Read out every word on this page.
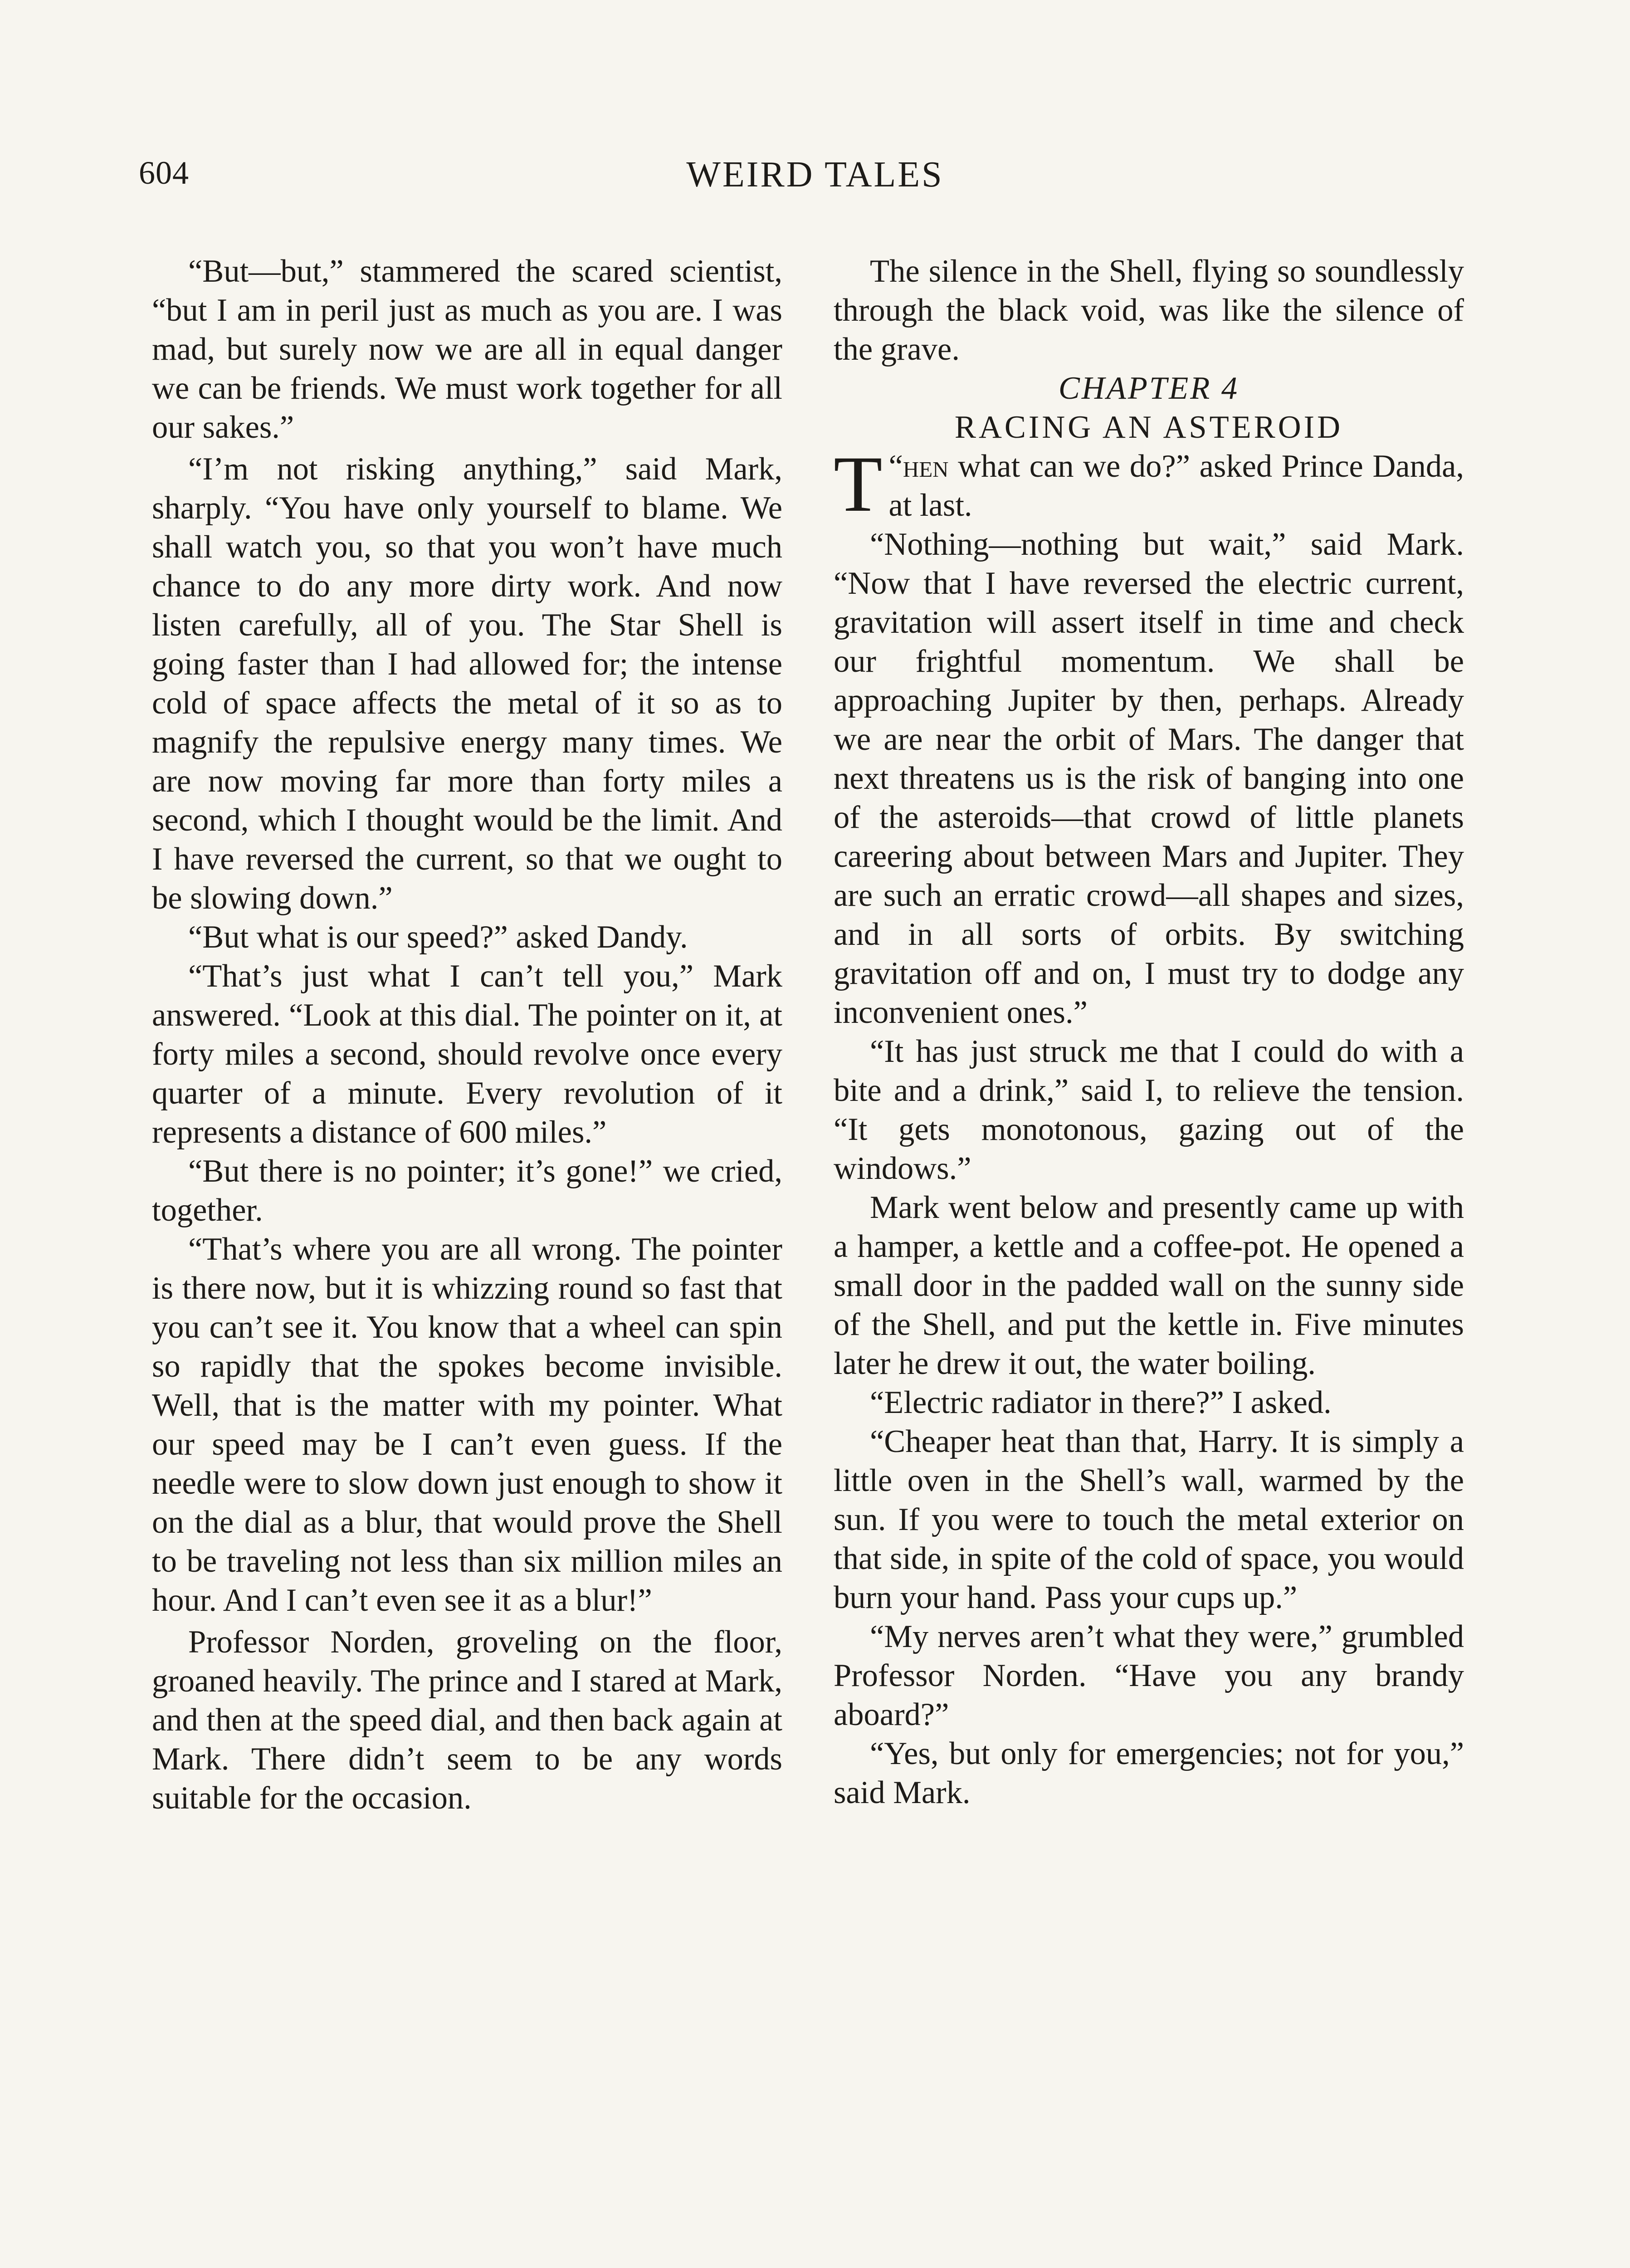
604	WEIRD TALES

“But—but,” stammered the scared scientist, “but I am in peril just as much as you are. I was mad, but surely now we are all in equal danger we can be friends. We must work together for all our sakes.”

“I’m not risking anything,” said Mark, sharply. “You have only yourself to blame. We shall watch you, so that you won’t have much chance to do any more dirty work. And now listen carefully, all of you. The Star Shell is going faster than I had allowed for; the intense cold of space affects the metal of it so as to magnify the repulsive energy many times. We are now moving far more than forty miles a second, which I thought would be the limit. And I have reversed the current, so that we ought to be slowing down.”

“But what is our speed?” asked Dandy.

“That’s just what I can’t tell you,” Mark answered. “Look at this dial. The pointer on it, at forty miles a second, should revolve once every quarter of a minute. Every revolution of it represents a distance of 600 miles.”

“But there is no pointer; it’s gone!” we cried, together.

“That’s where you are all wrong. The pointer is there now, but it is whizzing round so fast that you can’t see it. You know that a wheel can spin so rapidly that the spokes become invisible. Well, that is the matter with my pointer. What our speed may be I can’t even guess. If the needle were to slow down just enough to show it on the dial as a blur, that would prove the Shell to be traveling not less than six million miles an hour. And I can’t even see it as a blur!”

Professor Norden, groveling on the floor, groaned heavily. The prince and I stared at Mark, and then at the speed dial, and then back again at Mark. There didn’t seem to be any words suitable for the occasion.

The silence in the Shell, flying so soundlessly through the black void, was like the silence of the grave.

CHAPTER 4

RACING AN ASTEROID

“
T hen what can we do?” asked Prince Danda, at last.

“Nothing—nothing but wait,” said Mark. “Now that I have reversed the electric current, gravitation will assert itself in time and check our frightful momentum. We shall be approaching Jupiter by then, perhaps. Already we are near the orbit of Mars. The danger that next threatens us is the risk of banging into one of the asteroids—that crowd of little planets careering about between Mars and Jupiter. They are such an erratic crowd—all shapes and sizes, and in all sorts of orbits. By switching gravitation off and on, I must try to dodge any inconvenient ones.”

“It has just struck me that I could do with a bite and a drink,” said I, to relieve the tension. “It gets monotonous, gazing out of the windows.”

Mark went below and presently came up with a hamper, a kettle and a coffee-pot. He opened a small door in the padded wall on the sunny side of the Shell, and put the kettle in. Five minutes later he drew it out, the water boiling.

“Electric radiator in there?” I asked.

“Cheaper heat than that, Harry. It is simply a little oven in the Shell’s wall, warmed by the sun. If you were to touch the metal exterior on that side, in spite of the cold of space, you would burn your hand. Pass your cups up.”

“My nerves aren’t what they were,” grumbled Professor Norden. “Have you any brandy aboard?”

“Yes, but only for emergencies; not for you,” said Mark.
